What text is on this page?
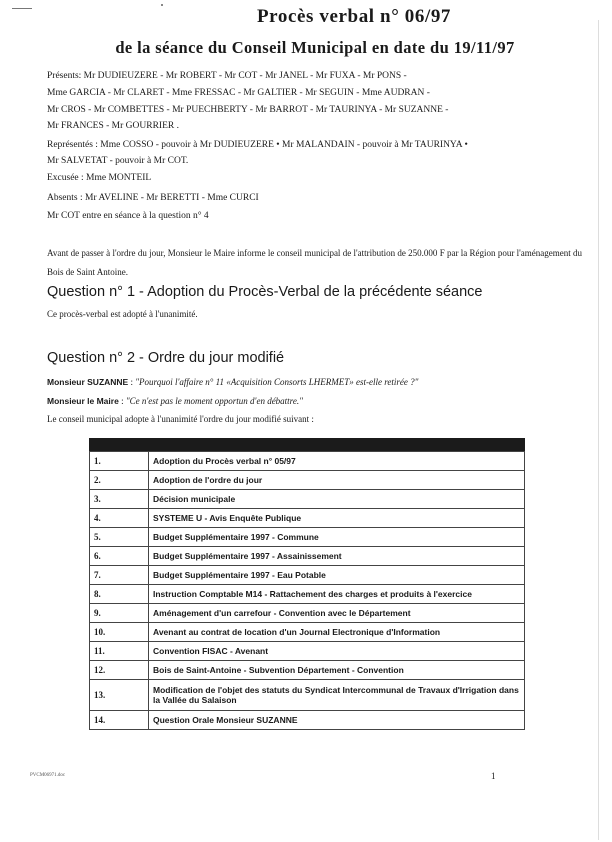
Procès verbal n° 06/97
de la séance du Conseil Municipal en date du 19/11/97
Présents: Mr DUDIEUZERE - Mr ROBERT - Mr COT - Mr JANEL - Mr FUXA - Mr PONS -
Mme GARCIA - Mr CLARET - Mme FRESSAC - Mr GALTIER - Mr SEGUIN - Mme AUDRAN -
Mr CROS - Mr COMBETTES - Mr PUECHBERTY - Mr BARROT - Mr TAURINYA - Mr SUZANNE -
Mr FRANCES - Mr GOURRIER .
Représentés : Mme COSSO - pouvoir à Mr DUDIEUZERE • Mr MALANDAIN - pouvoir à Mr TAURINYA •
Mr SALVETAT - pouvoir à Mr COT.
Excusée : Mme MONTEIL
Absents : Mr AVELINE - Mr BERETTI - Mme CURCI
Mr COT entre en séance à la question n° 4
Avant de passer à l'ordre du jour, Monsieur le Maire informe le conseil municipal de l'attribution de 250.000 F par la Région pour l'aménagement du Bois de Saint Antoine.
Question n° 1 - Adoption du Procès-Verbal de la précédente séance
Ce procès-verbal est adopté à l'unanimité.
Question n° 2 - Ordre du jour modifié
Monsieur SUZANNE : "Pourquoi l'affaire n° 11 «Acquisition Consorts LHERMET» est-elle retirée ?"
Monsieur le Maire : "Ce n'est pas le moment opportun d'en débattre."
Le conseil municipal adopte à l'unanimité l'ordre du jour modifié suivant :
1.	Adoption du Procès verbal n° 05/97
2.	Adoption de l'ordre du jour
3.	Décision municipale
4.	SYSTEME U - Avis Enquête Publique
5.	Budget Supplémentaire 1997 - Commune
6.	Budget Supplémentaire 1997 - Assainissement
7.	Budget Supplémentaire 1997 - Eau Potable
8.	Instruction Comptable M14 - Rattachement des charges et produits à l'exercice
9.	Aménagement d'un carrefour - Convention avec le Département
10.	Avenant au contrat de location d'un Journal Electronique d'Information
11.	Convention FISAC - Avenant
12.	Bois de Saint-Antoine - Subvention Département - Convention
13.	Modification de l'objet des statuts du Syndicat Intercommunal de Travaux d'Irrigation dans la Vallée du Salaison
14.	Question Orale Monsieur SUZANNE
PVCM06971.doc	1
